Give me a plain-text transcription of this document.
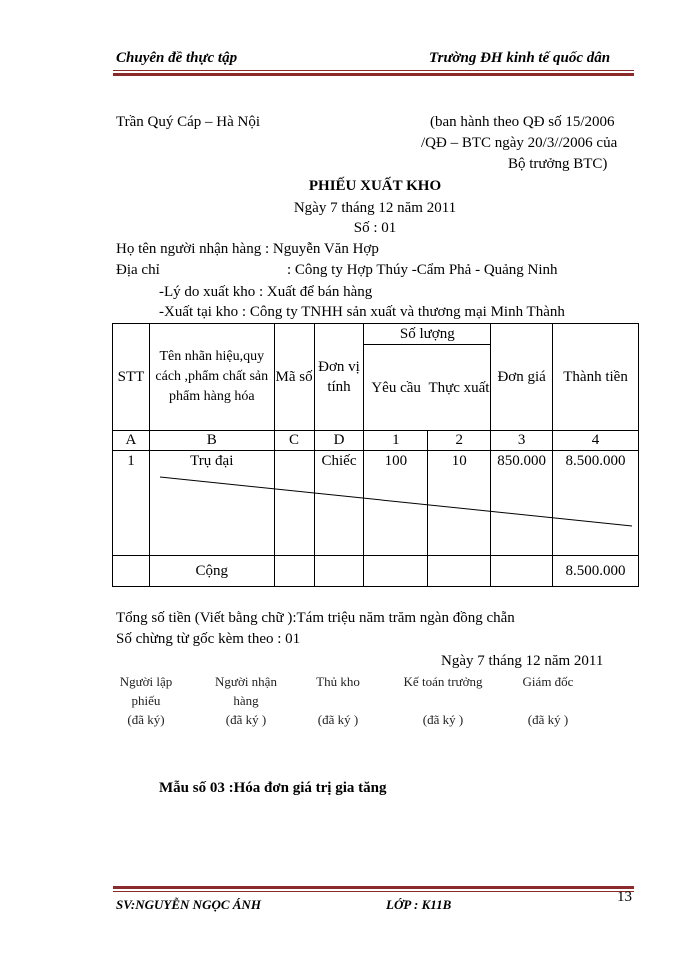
Chuyên đề thực tập	Trường ĐH kinh tế quốc dân
Trần Quý Cáp – Hà Nội	(ban hành theo QĐ số 15/2006
/QĐ – BTC ngày 20/3//2006 của
Bộ trưởng BTC)
PHIẾU XUẤT KHO
Ngày 7 tháng 12 năm 2011
Số : 01
Họ tên người nhận hàng : Nguyễn Văn Hợp
Địa chỉ	: Công ty Hợp Thúy -Cẩm Phả - Quảng Ninh
-Lý do xuất kho : Xuất để bán hàng
-Xuất tại kho : Công ty TNHH sản xuất và thương mại Minh Thành
STT	Tên nhãn hiệu,quy cách ,phẩm chất sản phẩm hàng hóa	Mã số	Đơn vị tính	Số lượng		Đơn giá	Thành tiền
				Yêu cầu	Thực xuất		
A	B	C	D	1	2	3	4
1	Trụ đại		Chiếc	100	10	850.000	8.500.000
	Cộng						8.500.000
Tổng số tiền (Viết bằng chữ ):Tám triệu năm trăm ngàn đồng chẵn
Số chừng từ gốc kèm theo : 01
Ngày 7 tháng 12 năm 2011
Người lập
phiếu
(đã ký)
Người nhận
hàng
(đã ký )
Thủ kho
(đã ký )
Kế toán trưởng
(đã ký )
Giám đốc
(đã ký )
Mẫu số 03 :Hóa đơn giá trị gia tăng
SV:NGUYỄN NGỌC ÁNH	LỚP : K11B	13
